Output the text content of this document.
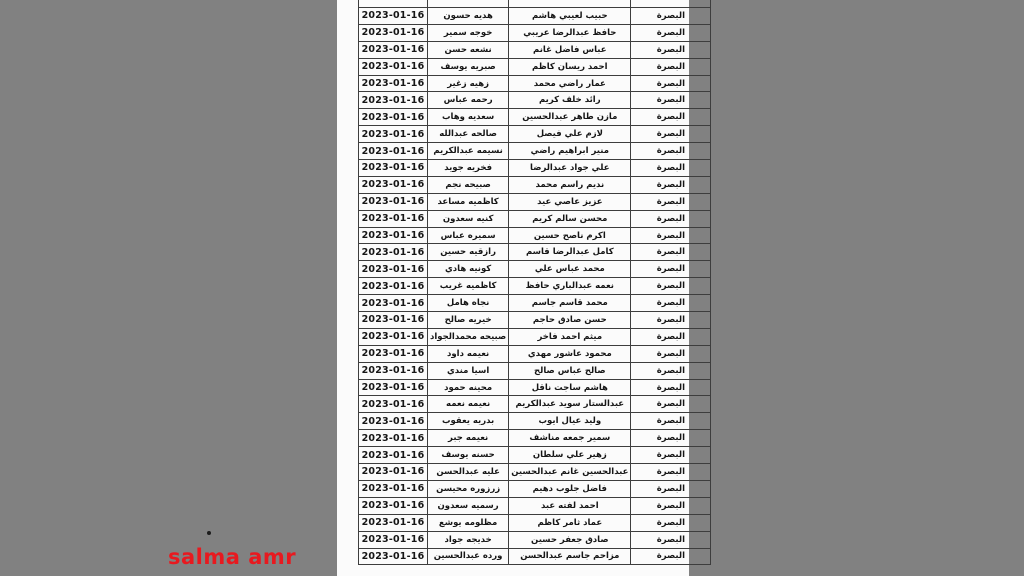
2023-01-16	هديه حسون	حبيب لعيبي هاشم	البصرة
2023-01-16	خوجه سمير	حافظ عبدالرضا عريبي	البصرة
2023-01-16	نشعه حسن	عباس فاضل غانم	البصرة
2023-01-16	صبريه يوسف	احمد ريسان كاظم	البصرة
2023-01-16	زهيه زغير	عمار راضي محمد	البصرة
2023-01-16	رحمه عباس	رائد خلف كريم	البصرة
2023-01-16	سعديه وهاب	مازن طاهر عبدالحسين	البصرة
2023-01-16	صالحه عبدالله	لازم علي فيصل	البصرة
2023-01-16	نسيمه عبدالكريم	منير ابراهيم راضي	البصرة
2023-01-16	فخريه جويد	علي جواد عبدالرضا	البصرة
2023-01-16	صبيحه نجم	نديم راسم محمد	البصرة
2023-01-16	كاظميه مساعد	عزيز عاصي عيد	البصرة
2023-01-16	كنيه سعدون	محسن سالم كريم	البصرة
2023-01-16	سميره عباس	اكرم ناصح حسين	البصرة
2023-01-16	رازقيه حسين	كامل عبدالرضا قاسم	البصرة
2023-01-16	كونيه هادي	محمد عباس علي	البصرة
2023-01-16	كاظميه غريب	نعمه عبدالباري حافظ	البصرة
2023-01-16	نجاه هامل	محمد قاسم جاسم	البصرة
2023-01-16	خيريه صالح	حسن صادق حاجم	البصرة
2023-01-16	صبيحه محمدالجواد	ميثم احمد فاخر	البصرة
2023-01-16	نعيمه داود	محمود عاشور مهدي	البصرة
2023-01-16	اسيا مندي	صالح عباس صالح	البصرة
2023-01-16	محينه حمود	هاشم ساجت ناقل	البصرة
2023-01-16	نعيمه نعمه	عبدالستار سويد عبدالكريم	البصرة
2023-01-16	بدريه يعقوب	وليد عيال ايوب	البصرة
2023-01-16	نعيمه جبر	سمير جمعه مناشف	البصرة
2023-01-16	حسنه يوسف	زهير علي سلطان	البصرة
2023-01-16	عليه عبدالحسن	عبدالحسين غانم عبدالحسين	البصرة
2023-01-16	زرزوره محيسن	فاضل جلوب دهيم	البصرة
2023-01-16	رسميه سعدون	احمد لفته عبد	البصرة
2023-01-16	مظلومه يوشع	عماد ثامر كاظم	البصرة
2023-01-16	خديجه جواد	صادق جعفر حسين	البصرة
2023-01-16	ورده عبدالحسين	مزاحم جاسم عبدالحسن	البصرة
salma amr
